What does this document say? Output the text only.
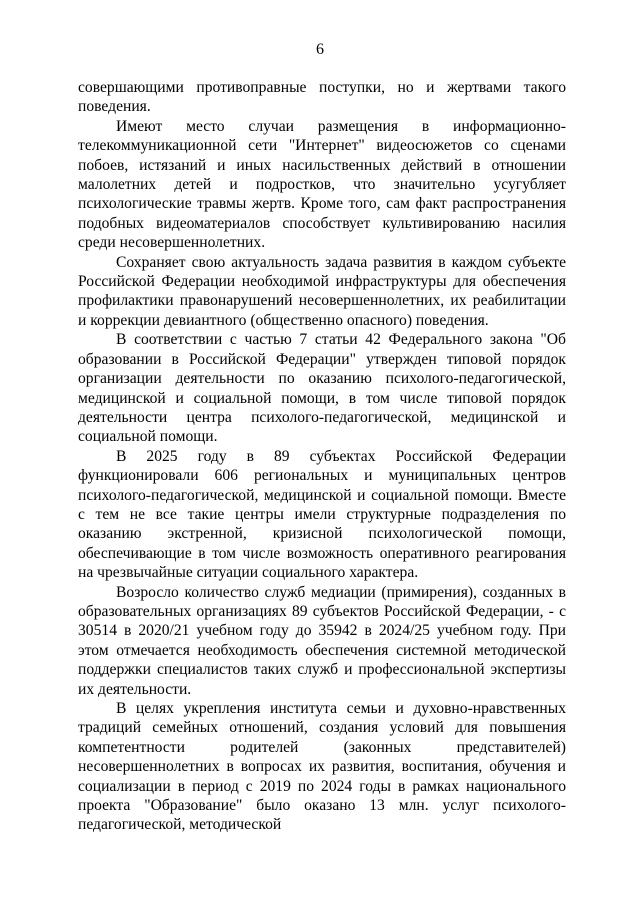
6

совершающими противоправные поступки, но и жертвами такого поведения.

Имеют место случаи размещения в информационно-телекоммуникационной сети "Интернет" видеосюжетов со сценами побоев, истязаний и иных насильственных действий в отношении малолетних детей и подростков, что значительно усугубляет психологические травмы жертв. Кроме того, сам факт распространения подобных видеоматериалов способствует культивированию насилия среди несовершеннолетних.

Сохраняет свою актуальность задача развития в каждом субъекте Российской Федерации необходимой инфраструктуры для обеспечения профилактики правонарушений несовершеннолетних, их реабилитации и коррекции девиантного (общественно опасного) поведения.

В соответствии с частью 7 статьи 42 Федерального закона "Об образовании в Российской Федерации" утвержден типовой порядок организации деятельности по оказанию психолого-педагогической, медицинской и социальной помощи, в том числе типовой порядок деятельности центра психолого-педагогической, медицинской и социальной помощи.

В 2025 году в 89 субъектах Российской Федерации функционировали 606 региональных и муниципальных центров психолого-педагогической, медицинской и социальной помощи. Вместе с тем не все такие центры имели структурные подразделения по оказанию экстренной, кризисной психологической помощи, обеспечивающие в том числе возможность оперативного реагирования на чрезвычайные ситуации социального характера.

Возросло количество служб медиации (примирения), созданных в образовательных организациях 89 субъектов Российской Федерации, - с 30514 в 2020/21 учебном году до 35942 в 2024/25 учебном году. При этом отмечается необходимость обеспечения системной методической поддержки специалистов таких служб и профессиональной экспертизы их деятельности.

В целях укрепления института семьи и духовно-нравственных традиций семейных отношений, создания условий для повышения компетентности родителей (законных представителей) несовершеннолетних в вопросах их развития, воспитания, обучения и социализации в период с 2019 по 2024 годы в рамках национального проекта "Образование" было оказано 13 млн. услуг психолого-педагогической, методической
